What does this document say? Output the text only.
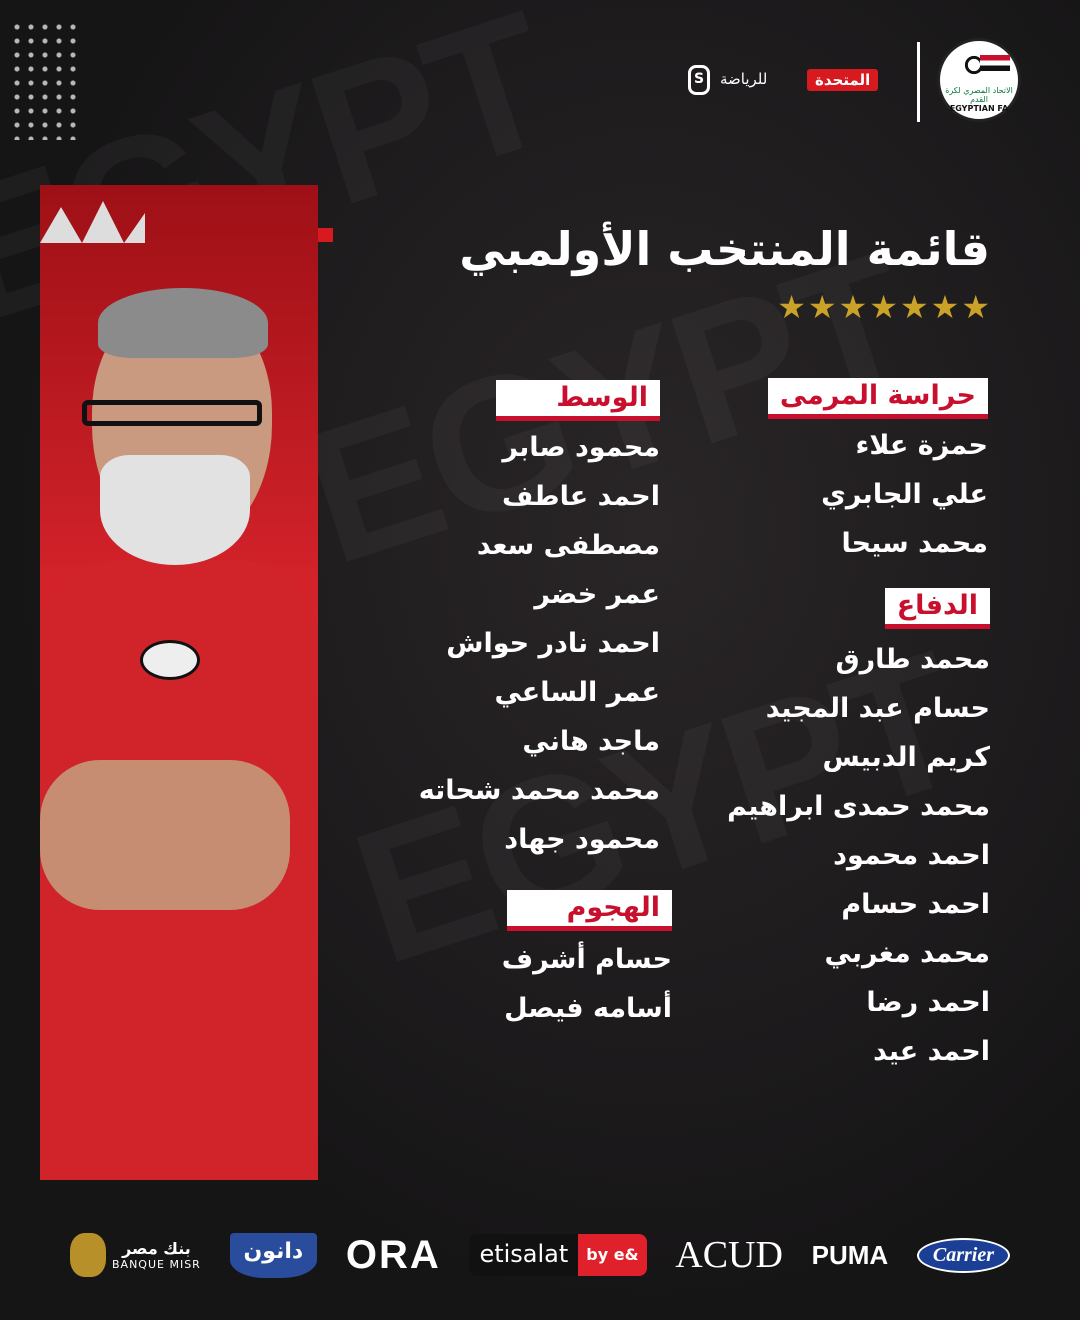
الاتحاد المصري لكرة القدم
EGYPTIAN FA
المتحدة
للرياضة
S
قائمة المنتخب الأولمبي
★★★★★★★
حراسة المرمى
حمزة علاء
علي الجابري
محمد سيحا
الدفاع
محمد طارق
حسام عبد المجيد
كريم الدبيس
محمد حمدى ابراهيم
احمد محمود
احمد حسام
محمد مغربي
احمد رضا
احمد عيد
الوسط
محمود صابر
احمد عاطف
مصطفى سعد
عمر خضر
احمد نادر حواش
عمر الساعي
ماجد هاني
محمد محمد شحاته
محمود جهاد
الهجوم
حسام أشرف
أسامه فيصل
بنك مصر
BANQUE MISR
دانون	ORA	etisalat	by e& ACUD PUMA	Carrier
